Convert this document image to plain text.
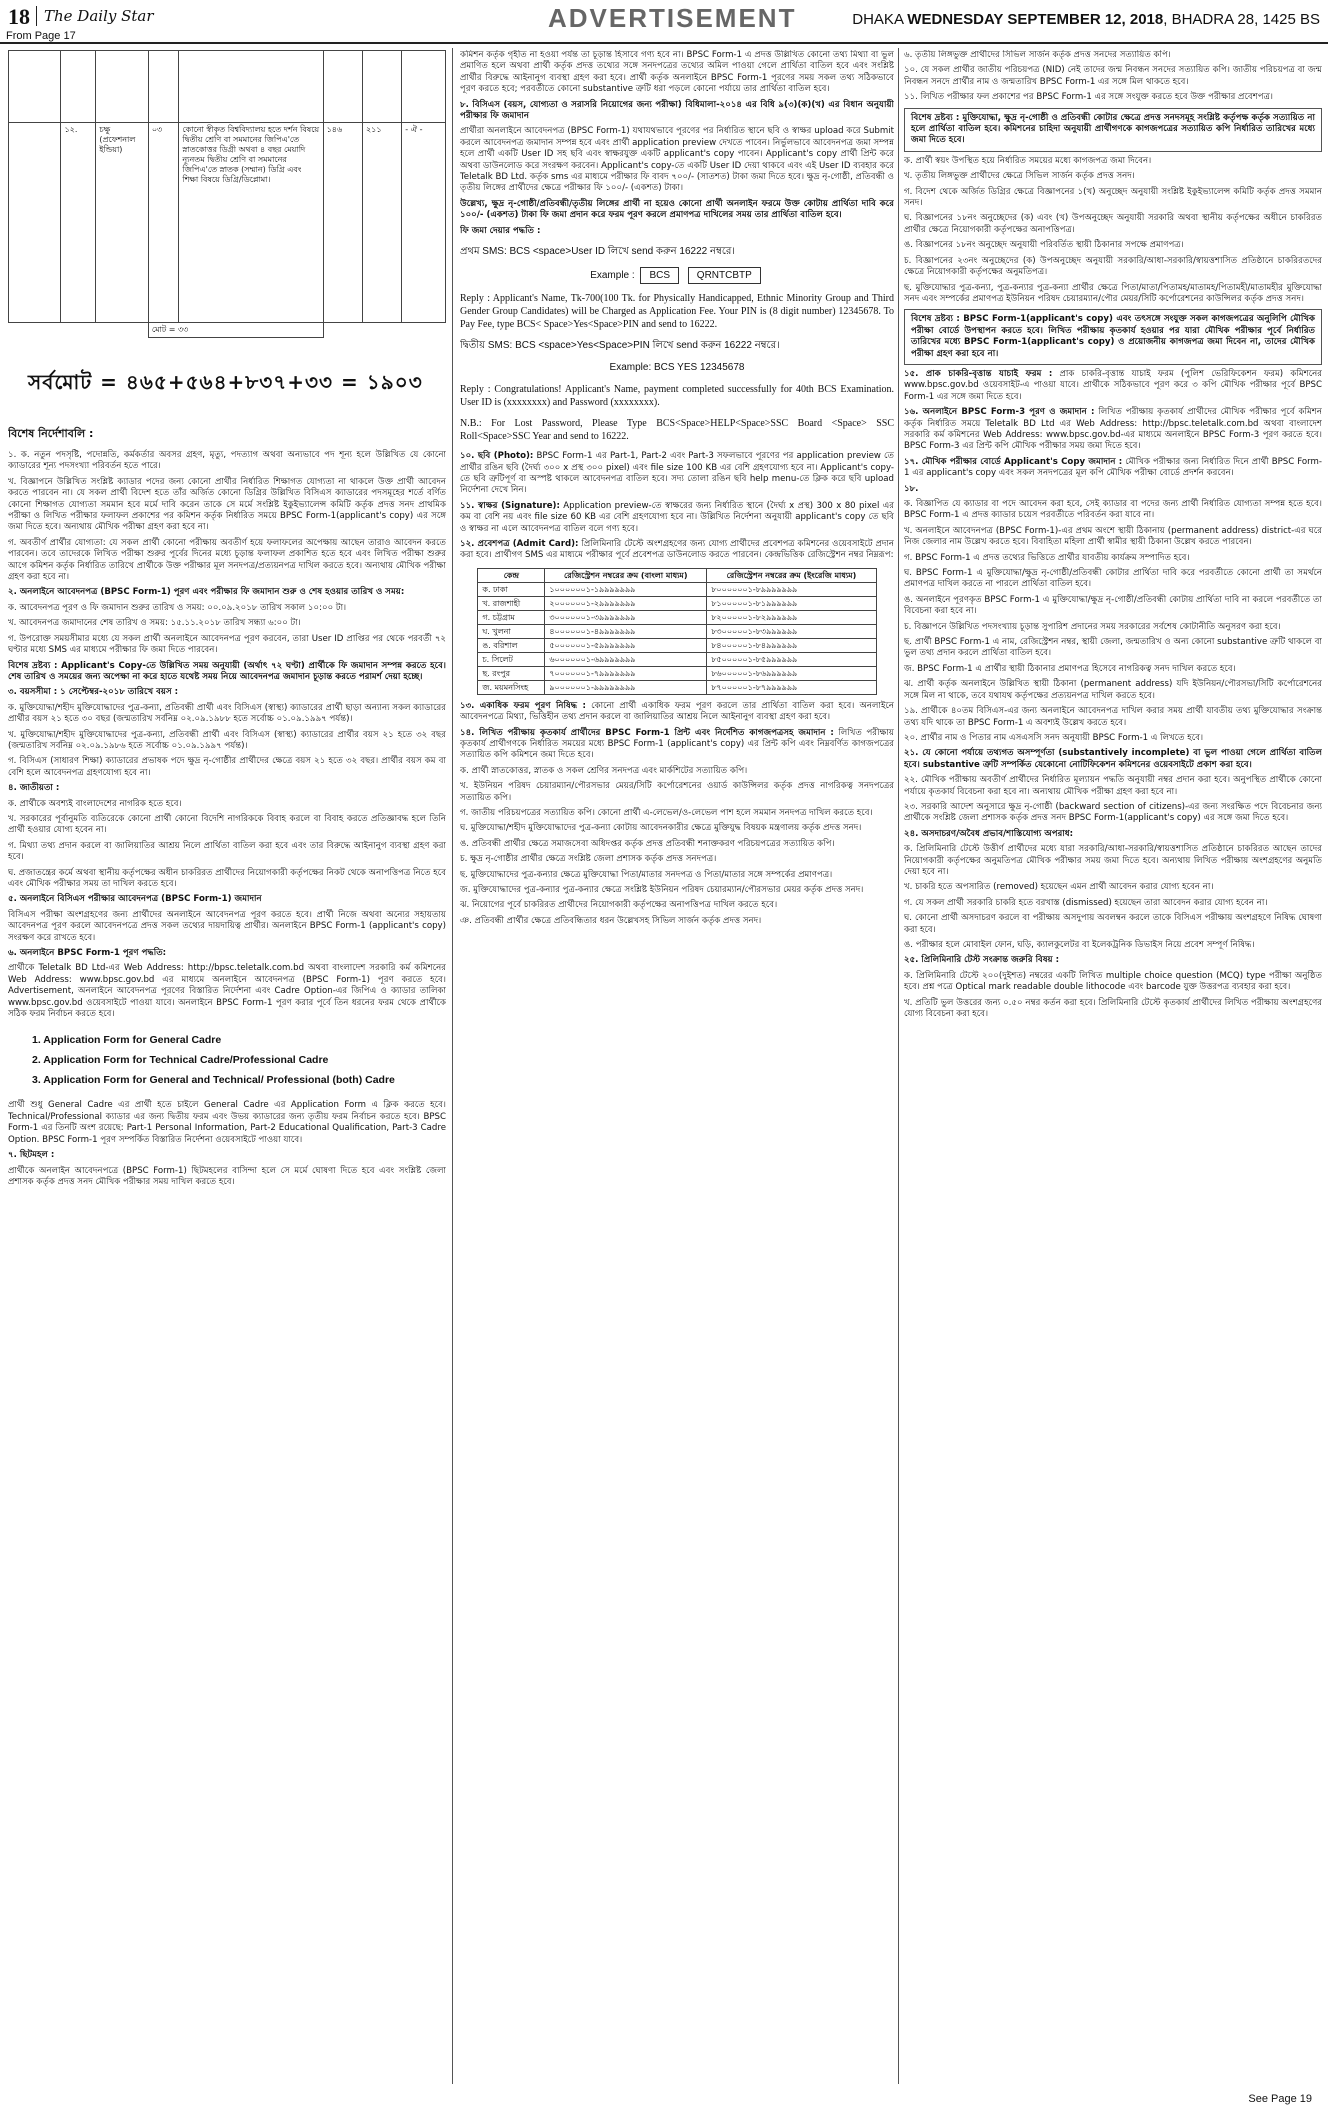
18 The Daily Star	ADVERTISEMENT	DHAKA WEDNESDAY SEPTEMBER 12, 2018, BHADRA 28, 1425 BS
From Page 17

	১২.	চক্ষু (প্রফেশনাল ইন্ডিয়া)	০৩	কোনো স্বীকৃত বিশ্ববিদ্যালয় হতে দর্শন বিষয়ে দ্বিতীয় শ্রেণি বা সমমানের জিপিএ'তে স্নাতকোত্তর ডিগ্রী অথবা ৪ বছর মেয়াদি ন্যূনতম দ্বিতীয় শ্রেণি বা সমমানের জিপিএ'তে স্নাতক (সম্মান) ডিগ্রি এবং শিক্ষা বিষয়ে ডিগ্রি/ডিপ্লোমা।	১৪৬	২১১	- ঐ -
			মোট = ৩৩				
সর্বমোট = ৪৬৫+৫৬৪+৮৩৭+৩৩ = ১৯০৩
বিশেষ নির্দেশাবলি :

১. ক. নতুন পদসৃষ্টি, পদোন্নতি, কর্মকর্তার অবসর গ্রহণ, মৃত্যু, পদত্যাগ অথবা অন্যভাবে পদ শূন্য হলে উল্লিখিত যে কোনো ক্যাডারের শূন্য পদসংখ্যা পরিবর্তন হতে পারে।

খ. বিজ্ঞাপনে উল্লিখিত সংশ্লিষ্ট ক্যাডার পদের জন্য কোনো প্রার্থীর নির্ধারিত শিক্ষাগত যোগ্যতা না থাকলে উক্ত প্রার্থী আবেদন করতে পারবেন না। যে সকল প্রার্থী বিদেশ হতে তাঁর অর্জিত কোনো ডিগ্রির উল্লিখিত বিসিএস ক্যাডারের পদসমূহের শর্তে বর্ণিত কোনো শিক্ষাগত যোগ্যতা সমমান হবে মর্মে দাবি করেন তাকে সে মর্মে সংশ্লিষ্ট ইকুইভ্যালেন্স কমিটি কর্তৃক প্রদত্ত সনদ প্রাথমিক পরীক্ষা ও লিখিত পরীক্ষার ফলাফল প্রকাশের পর কমিশন কর্তৃক নির্ধারিত সময়ে BPSC Form-1(applicant's copy) এর সঙ্গে জমা দিতে হবে। অন্যথায় মৌখিক পরীক্ষা গ্রহণ করা হবে না।

গ. অবতীর্ণ প্রার্থীর যোগ্যতা: যে সকল প্রার্থী কোনো পরীক্ষায় অবতীর্ণ হয়ে ফলাফলের অপেক্ষায় আছেন তারাও আবেদন করতে পারবেন। তবে তাদেরকে লিখিত পরীক্ষা শুরুর পূর্বের দিনের মধ্যে চূড়ান্ত ফলাফল প্রকাশিত হতে হবে এবং লিখিত পরীক্ষা শুরুর আগে কমিশন কর্তৃক নির্ধারিত তারিখে প্রার্থীকে উক্ত পরীক্ষার মূল সনদপত্র/প্রত্যয়নপত্র দাখিল করতে হবে। অন্যথায় মৌখিক পরীক্ষা গ্রহণ করা হবে না।

২. অনলাইনে আবেদনপত্র (BPSC Form-1) পূরণ এবং পরীক্ষার ফি জমাদান শুরু ও শেষ হওয়ার তারিখ ও সময়:

ক. আবেদনপত্র পূরণ ও ফি জমাদান শুরুর তারিখ ও সময়: ০০.০৯.২০১৮ তারিখ সকাল ১০:০০ টা।

খ. আবেদনপত্র জমাদানের শেষ তারিখ ও সময়: ১৫.১১.২০১৮ তারিখ সন্ধ্যা ৬:০০ টা।

গ. উপরোক্ত সময়সীমার মধ্যে যে সকল প্রার্থী অনলাইনে আবেদনপত্র পূরণ করবেন, তারা User ID প্রাপ্তির পর থেকে পরবর্তী ৭২ ঘণ্টার মধ্যে SMS এর মাধ্যমে পরীক্ষার ফি জমা দিতে পারবেন।

বিশেষ দ্রষ্টব্য : Applicant's Copy-তে উল্লিখিত সময় অনুযায়ী (অর্থাৎ ৭২ ঘণ্টা) প্রার্থীকে ফি জমাদান সম্পন্ন করতে হবে। শেষ তারিখ ও সময়ের জন্য অপেক্ষা না করে হাতে যথেষ্ট সময় নিয়ে আবেদনপত্র জমাদান চূড়ান্ত করতে পরামর্শ দেয়া হচ্ছে।

৩. বয়সসীমা : ১ সেপ্টেম্বর-২০১৮ তারিখে বয়স :

ক. মুক্তিযোদ্ধা/শহীদ মুক্তিযোদ্ধাদের পুত্র-কন্যা, প্রতিবন্ধী প্রার্থী এবং বিসিএস (স্বাস্থ্য) ক্যাডারের প্রার্থী ছাড়া অন্যান্য সকল ক্যাডারের প্রার্থীর বয়স ২১ হতে ৩০ বছর (জন্মতারিখ সর্বনিম্ন ০২.০৯.১৯৮৮ হতে সর্বোচ্চ ০১.০৯.১৯৯৭ পর্যন্ত)।

খ. মুক্তিযোদ্ধা/শহীদ মুক্তিযোদ্ধাদের পুত্র-কন্যা, প্রতিবন্ধী প্রার্থী এবং বিসিএস (স্বাস্থ্য) ক্যাডারের প্রার্থীর বয়স ২১ হতে ৩২ বছর (জন্মতারিখ সর্বনিম্ন ০২.০৯.১৯৮৬ হতে সর্বোচ্চ ০১.০৯.১৯৯৭ পর্যন্ত)।

গ. বিসিএস (সাধারণ শিক্ষা) ক্যাডারের প্রভাষক পদে ক্ষুদ্র নৃ-গোষ্ঠীর প্রার্থীদের ক্ষেত্রে বয়স ২১ হতে ৩২ বছর। প্রার্থীর বয়স কম বা বেশি হলে আবেদনপত্র গ্রহণযোগ্য হবে না।

৪. জাতীয়তা :

ক. প্রার্থীকে অবশ্যই বাংলাদেশের নাগরিক হতে হবে।

খ. সরকারের পূর্বানুমতি ব্যতিরেকে কোনো প্রার্থী কোনো বিদেশি নাগরিককে বিবাহ করলে বা বিবাহ করতে প্রতিজ্ঞাবদ্ধ হলে তিনি প্রার্থী হওয়ার যোগ্য হবেন না।

গ. মিথ্যা তথ্য প্রদান করলে বা জালিয়াতির আশ্রয় নিলে প্রার্থিতা বাতিল করা হবে এবং তার বিরুদ্ধে আইনানুগ ব্যবস্থা গ্রহণ করা হবে।

ঘ. প্রজাতন্ত্রের কর্মে অথবা স্থানীয় কর্তৃপক্ষের অধীন চাকরিরত প্রার্থীদের নিয়োগকারী কর্তৃপক্ষের নিকট থেকে অনাপত্তিপত্র নিতে হবে এবং মৌখিক পরীক্ষার সময় তা দাখিল করতে হবে।

৫. অনলাইনে বিসিএস পরীক্ষার আবেদনপত্র (BPSC Form-1) জমাদান

বিসিএস পরীক্ষা অংশগ্রহণের জন্য প্রার্থীদের অনলাইনে আবেদনপত্র পূরণ করতে হবে। প্রার্থী নিজে অথবা অন্যের সহায়তায় আবেদনপত্র পূরণ করলে আবেদনপত্রে প্রদত্ত সকল তথ্যের দায়দায়িত্ব প্রার্থীর। অনলাইনে BPSC Form-1 (applicant's copy) সংরক্ষণ করে রাখতে হবে।

৬. অনলাইনে BPSC Form-1 পূরণ পদ্ধতি:

প্রার্থীকে Teletalk BD Ltd-এর Web Address: http://bpsc.teletalk.com.bd অথবা বাংলাদেশ সরকারি কর্ম কমিশনের Web Address: www.bpsc.gov.bd এর মাধ্যমে অনলাইনে আবেদনপত্র (BPSC Form-1) পূরণ করতে হবে। Advertisement, অনলাইনে আবেদনপত্র পূরণের বিস্তারিত নির্দেশনা এবং Cadre Option-এর জিপিএ ও ক্যাডার তালিকা www.bpsc.gov.bd ওয়েবসাইটে পাওয়া যাবে। অনলাইনে BPSC Form-1 পূরণ করার পূর্বে তিন ধরনের ফরম থেকে প্রার্থীকে সঠিক ফরম নির্বাচন করতে হবে।

1. Application Form for General Cadre
2. Application Form for Technical Cadre/Professional Cadre
3. Application Form for General and Technical/ Professional (both) Cadre

প্রার্থী শুধু General Cadre এর প্রার্থী হতে চাইলে General Cadre এর Application Form এ ক্লিক করতে হবে। Technical/Professional ক্যাডার এর জন্য দ্বিতীয় ফরম এবং উভয় ক্যাডারের জন্য তৃতীয় ফরম নির্বাচন করতে হবে। BPSC Form-1 এর তিনটি অংশ রয়েছে: Part-1 Personal Information, Part-2 Educational Qualification, Part-3 Cadre Option. BPSC Form-1 পূরণ সম্পর্কিত বিস্তারিত নির্দেশনা ওয়েবসাইটে পাওয়া যাবে।

৭. ছিটমহল :

প্রার্থীকে অনলাইন আবেদনপত্রে (BPSC Form-1) ছিটমহলের বাসিন্দা হলে সে মর্মে ঘোষণা দিতে হবে এবং সংশ্লিষ্ট জেলা প্রশাসক কর্তৃক প্রদত্ত সনদ মৌখিক পরীক্ষার সময় দাখিল করতে হবে।

কমিশন কর্তৃক গৃহীত না হওয়া পর্যন্ত তা চূড়ান্ত হিসাবে গণ্য হবে না। BPSC Form-1 এ প্রদত্ত উল্লিখিত কোনো তথ্য মিথ্যা বা ভুল প্রমাণিত হলে অথবা প্রার্থী কর্তৃক প্রদত্ত তথ্যের সঙ্গে সনদপত্রের তথ্যের অমিল পাওয়া গেলে প্রার্থিতা বাতিল হবে এবং সংশ্লিষ্ট প্রার্থীর বিরুদ্ধে আইনানুগ ব্যবস্থা গ্রহণ করা হবে। প্রার্থী কর্তৃক অনলাইনে BPSC Form-1 পূরণের সময় সকল তথ্য সঠিকভাবে পূরণ করতে হবে; পরবর্তীতে কোনো substantive ত্রুটি ধরা পড়লে কোনো পর্যায়ে তার প্রার্থিতা বাতিল হবে।

৮. বিসিএস (বয়স, যোগ্যতা ও সরাসরি নিয়োগের জন্য পরীক্ষা) বিধিমালা-২০১৪ এর বিধি ৯(৩)(ক)(খ) এর বিধান অনুযায়ী পরীক্ষার ফি জমাদান

প্রার্থীরা অনলাইনে আবেদনপত্র (BPSC Form-1) যথাযথভাবে পূরণের পর নির্ধারিত স্থানে ছবি ও স্বাক্ষর upload করে Submit করলে আবেদনপত্র জমাদান সম্পন্ন হবে এবং প্রার্থী application preview দেখতে পাবেন। নির্ভুলভাবে আবেদনপত্র জমা সম্পন্ন হলে প্রার্থী একটি User ID সহ ছবি এবং স্বাক্ষরযুক্ত একটি applicant's copy পাবেন। Applicant's copy প্রার্থী প্রিন্ট করে অথবা ডাউনলোড করে সংরক্ষণ করবেন। Applicant's copy-তে একটি User ID দেয়া থাকবে এবং এই User ID ব্যবহার করে Teletalk BD Ltd. কর্তৃক sms এর মাধ্যমে পরীক্ষার ফি বাবদ ৭০০/- (সাতশত) টাকা জমা দিতে হবে। ক্ষুদ্র নৃ-গোষ্ঠী, প্রতিবন্ধী ও তৃতীয় লিঙ্গের প্রার্থীদের ক্ষেত্রে পরীক্ষার ফি ১০০/- (একশত) টাকা।

উল্লেখ্য, ক্ষুদ্র নৃ-গোষ্ঠী/প্রতিবন্ধী/তৃতীয় লিঙ্গের প্রার্থী না হয়েও কোনো প্রার্থী অনলাইন ফরমে উক্ত কোটায় প্রার্থিতা দাবি করে ১০০/- (একশত) টাকা ফি জমা প্রদান করে ফরম পূরণ করলে প্রমাণপত্র দাখিলের সময় তার প্রার্থিতা বাতিল হবে।

ফি জমা দেয়ার পদ্ধতি :

প্রথম SMS: BCS <space>User ID লিখে send করুন 16222 নম্বরে।
Example : BCS	QRNTCBTP
Reply : Applicant's Name, Tk-700(100 Tk. for Physically Handicapped, Ethnic Minority Group and Third Gender Group Candidates) will be Charged as Application Fee. Your PIN is (8 digit number) 12345678. To Pay Fee, type BCS< Space>Yes<Space>PIN and send to 16222.
দ্বিতীয় SMS: BCS <space>Yes<Space>PIN লিখে send করুন 16222 নম্বরে।
Example: BCS YES 12345678
Reply : Congratulations! Applicant's Name, payment completed successfully for 40th BCS Examination. User ID is (xxxxxxxx) and Password (xxxxxxxx).
N.B.: For Lost Password, Please Type BCS<Space>HELP<Space>SSC Board <Space> SSC Roll<Space>SSC Year and send to 16222.

১০. ছবি (Photo): BPSC Form-1 এর Part-1, Part-2 এবং Part-3 সফলভাবে পূরণের পর application preview তে প্রার্থীর রঙিন ছবি (দৈর্ঘ্য ৩০০ x প্রস্থ ৩০০ pixel) এবং file size 100 KB এর বেশি গ্রহণযোগ্য হবে না। Applicant's copy-তে ছবি ত্রুটিপূর্ণ বা অস্পষ্ট থাকলে আবেদনপত্র বাতিল হবে। সদ্য তোলা রঙিন ছবি help menu-তে ক্লিক করে ছবি upload নির্দেশনা দেখে নিন।

১১. স্বাক্ষর (Signature): Application preview-তে স্বাক্ষরের জন্য নির্ধারিত স্থানে (দৈর্ঘ্য x প্রস্থ) 300 x 80 pixel এর কম বা বেশি নয় এবং file size 60 KB এর বেশি গ্রহণযোগ্য হবে না। উল্লিখিত নির্দেশনা অনুযায়ী applicant's copy তে ছবি ও স্বাক্ষর না এলে আবেদনপত্র বাতিল বলে গণ্য হবে।

১২. প্রবেশপত্র (Admit Card): প্রিলিমিনারি টেস্টে অংশগ্রহণের জন্য যোগ্য প্রার্থীদের প্রবেশপত্র কমিশনের ওয়েবসাইটে প্রদান করা হবে। প্রার্থীগণ SMS এর মাধ্যমে পরীক্ষার পূর্বে প্রবেশপত্র ডাউনলোড করতে পারবেন। কেন্দ্রভিত্তিক রেজিস্ট্রেশন নম্বর নিম্নরূপ:

কেন্দ্র	রেজিস্ট্রেশন নম্বরের ক্রম (বাংলা মাধ্যম)	রেজিস্ট্রেশন নম্বরের ক্রম (ইংরেজি মাধ্যম)
ক. ঢাকা	১০০০০০০১-১৯৯৯৯৯৯৯	৮০০০০০০১-৮৯৯৯৯৯৯৯
খ. রাজশাহী	২০০০০০০১-২৯৯৯৯৯৯৯	৮১০০০০০১-৮১৯৯৯৯৯৯
গ. চট্টগ্রাম	৩০০০০০০১-৩৯৯৯৯৯৯৯	৮২০০০০০১-৮২৯৯৯৯৯৯
ঘ. খুলনা	৪০০০০০০১-৪৯৯৯৯৯৯৯	৮৩০০০০০১-৮৩৯৯৯৯৯৯
ঙ. বরিশাল	৫০০০০০০১-৫৯৯৯৯৯৯৯	৮৪০০০০০১-৮৪৯৯৯৯৯৯
চ. সিলেট	৬০০০০০০১-৬৯৯৯৯৯৯৯	৮৫০০০০০১-৮৫৯৯৯৯৯৯
ছ. রংপুর	৭০০০০০০১-৭৯৯৯৯৯৯৯	৮৬০০০০০১-৮৬৯৯৯৯৯৯
জ. ময়মনসিংহ	৯০০০০০০১-৯৯৯৯৯৯৯৯	৮৭০০০০০১-৮৭৯৯৯৯৯৯

১৩. একাধিক ফরম পূরণ নিষিদ্ধ : কোনো প্রার্থী একাধিক ফরম পূরণ করলে তার প্রার্থিতা বাতিল করা হবে। অনলাইনে আবেদনপত্রে মিথ্যা, ভিত্তিহীন তথ্য প্রদান করলে বা জালিয়াতির আশ্রয় নিলে আইনানুগ ব্যবস্থা গ্রহণ করা হবে।

১৪. লিখিত পরীক্ষায় কৃতকার্য প্রার্থীদের BPSC Form-1 প্রিন্ট এবং নির্দেশিত কাগজপত্রসহ জমাদান : লিখিত পরীক্ষায় কৃতকার্য প্রার্থীগণকে নির্ধারিত সময়ের মধ্যে BPSC Form-1 (applicant's copy) এর প্রিন্ট কপি এবং নিম্নবর্ণিত কাগজপত্রের সত্যায়িত কপি কমিশনে জমা দিতে হবে।

ক. প্রার্থী স্নাতকোত্তর, স্নাতক ও সকল শ্রেণির সনদপত্র এবং মার্কশিটের সত্যায়িত কপি।

খ. ইউনিয়ন পরিষদ চেয়ারম্যান/পৌরসভার মেয়র/সিটি কর্পোরেশনের ওয়ার্ড কাউন্সিলর কর্তৃক প্রদত্ত নাগরিকত্ব সনদপত্রের সত্যায়িত কপি।

গ. জাতীয় পরিচয়পত্রের সত্যায়িত কপি। কোনো প্রার্থী এ-লেভেল/ও-লেভেল পাশ হলে সমমান সনদপত্র দাখিল করতে হবে।

ঘ. মুক্তিযোদ্ধা/শহীদ মুক্তিযোদ্ধাদের পুত্র-কন্যা কোটায় আবেদনকারীর ক্ষেত্রে মুক্তিযুদ্ধ বিষয়ক মন্ত্রণালয় কর্তৃক প্রদত্ত সনদ।

ঙ. প্রতিবন্ধী প্রার্থীর ক্ষেত্রে সমাজসেবা অধিদপ্তর কর্তৃক প্রদত্ত প্রতিবন্ধী শনাক্তকরণ পরিচয়পত্রের সত্যায়িত কপি।

চ. ক্ষুদ্র নৃ-গোষ্ঠীর প্রার্থীর ক্ষেত্রে সংশ্লিষ্ট জেলা প্রশাসক কর্তৃক প্রদত্ত সনদপত্র।

ছ. মুক্তিযোদ্ধাদের পুত্র-কন্যার ক্ষেত্রে মুক্তিযোদ্ধা পিতা/মাতার সনদপত্র ও পিতা/মাতার সঙ্গে সম্পর্কের প্রমাণপত্র।

জ. মুক্তিযোদ্ধাদের পুত্র-কন্যার পুত্র-কন্যার ক্ষেত্রে সংশ্লিষ্ট ইউনিয়ন পরিষদ চেয়ারম্যান/পৌরসভার মেয়র কর্তৃক প্রদত্ত সনদ।

ঝ. নিয়োগের পূর্বে চাকরিরত প্রার্থীদের নিয়োগকারী কর্তৃপক্ষের অনাপত্তিপত্র দাখিল করতে হবে।

ঞ. প্রতিবন্ধী প্রার্থীর ক্ষেত্রে প্রতিবন্ধিতার ধরন উল্লেখসহ সিভিল সার্জন কর্তৃক প্রদত্ত সনদ।

৬. তৃতীয় লিঙ্গভুক্ত প্রার্থীদের সিভিল সার্জন কর্তৃক প্রদত্ত সনদের সত্যায়িত কপি।

১০. যে সকল প্রার্থীর জাতীয় পরিচয়পত্র (NID) নেই তাদের জন্ম নিবন্ধন সনদের সত্যায়িত কপি। জাতীয় পরিচয়পত্র বা জন্ম নিবন্ধন সনদে প্রার্থীর নাম ও জন্মতারিখ BPSC Form-1 এর সঙ্গে মিল থাকতে হবে।

১১. লিখিত পরীক্ষার ফল প্রকাশের পর BPSC Form-1 এর সঙ্গে সংযুক্ত করতে হবে উক্ত পরীক্ষার প্রবেশপত্র।

বিশেষ দ্রষ্টব্য : মুক্তিযোদ্ধা, ক্ষুদ্র নৃ-গোষ্ঠী ও প্রতিবন্ধী কোটার ক্ষেত্রে প্রদত্ত সনদসমূহ সংশ্লিষ্ট কর্তৃপক্ষ কর্তৃক সত্যায়িত না হলে প্রার্থিতা বাতিল হবে। কমিশনের চাহিদা অনুযায়ী প্রার্থীগণকে কাগজপত্রের সত্যায়িত কপি নির্ধারিত তারিখের মধ্যে জমা দিতে হবে।

ক. প্রার্থী স্বয়ং উপস্থিত হয়ে নির্ধারিত সময়ের মধ্যে কাগজপত্র জমা দিবেন।

খ. তৃতীয় লিঙ্গভুক্ত প্রার্থীদের ক্ষেত্রে সিভিল সার্জন কর্তৃক প্রদত্ত সনদ।

গ. বিদেশ থেকে অর্জিত ডিগ্রির ক্ষেত্রে বিজ্ঞাপনের ১(খ) অনুচ্ছেদ অনুযায়ী সংশ্লিষ্ট ইকুইভ্যালেন্স কমিটি কর্তৃক প্রদত্ত সমমান সনদ।

ঘ. বিজ্ঞাপনের ১৮নং অনুচ্ছেদের (ক) এবং (খ) উপঅনুচ্ছেদ অনুযায়ী সরকারি অথবা স্থানীয় কর্তৃপক্ষের অধীনে চাকরিরত প্রার্থীর ক্ষেত্রে নিয়োগকারী কর্তৃপক্ষের অনাপত্তিপত্র।

ঙ. বিজ্ঞাপনের ১৮নং অনুচ্ছেদ অনুযায়ী পরিবর্তিত স্থায়ী ঠিকানার সপক্ষে প্রমাণপত্র।

চ. বিজ্ঞাপনের ২৩নং অনুচ্ছেদের (ক) উপঅনুচ্ছেদ অনুযায়ী সরকারি/আধা-সরকারি/স্বায়ত্তশাসিত প্রতিষ্ঠানে চাকরিরতদের ক্ষেত্রে নিয়োগকারী কর্তৃপক্ষের অনুমতিপত্র।

ছ. মুক্তিযোদ্ধার পুত্র-কন্যা, পুত্র-কন্যার পুত্র-কন্যা প্রার্থীর ক্ষেত্রে পিতা/মাতা/পিতামহ/মাতামহ/পিতামহী/মাতামহীর মুক্তিযোদ্ধা সনদ এবং সম্পর্কের প্রমাণপত্র ইউনিয়ন পরিষদ চেয়ারম্যান/পৌর মেয়র/সিটি কর্পোরেশনের কাউন্সিলর কর্তৃক প্রদত্ত সনদ।

বিশেষ দ্রষ্টব্য : BPSC Form-1(applicant's copy) এবং তৎসঙ্গে সংযুক্ত সকল কাগজপত্রের অনুলিপি মৌখিক পরীক্ষা বোর্ডে উপস্থাপন করতে হবে। লিখিত পরীক্ষায় কৃতকার্য হওয়ার পর যারা মৌখিক পরীক্ষার পূর্বে নির্ধারিত তারিখের মধ্যে BPSC Form-1(applicant's copy) ও প্রয়োজনীয় কাগজপত্র জমা দিবেন না, তাদের মৌখিক পরীক্ষা গ্রহণ করা হবে না।

১৫. প্রাক চাকরি-বৃত্তান্ত যাচাই ফরম : প্রাক চাকরি-বৃত্তান্ত যাচাই ফরম (পুলিশ ভেরিফিকেশন ফরম) কমিশনের www.bpsc.gov.bd ওয়েবসাইট-এ পাওয়া যাবে। প্রার্থীকে সঠিকভাবে পূরণ করে ৩ কপি মৌখিক পরীক্ষার পূর্বে BPSC Form-1 এর সঙ্গে জমা দিতে হবে।

১৬. অনলাইনে BPSC Form-3 পূরণ ও জমাদান : লিখিত পরীক্ষায় কৃতকার্য প্রার্থীদের মৌখিক পরীক্ষার পূর্বে কমিশন কর্তৃক নির্ধারিত সময়ে Teletalk BD Ltd এর Web Address: http://bpsc.teletalk.com.bd অথবা বাংলাদেশ সরকারি কর্ম কমিশনের Web Address: www.bpsc.gov.bd-এর মাধ্যমে অনলাইনে BPSC Form-3 পূরণ করতে হবে। BPSC Form-3 এর প্রিন্ট কপি মৌখিক পরীক্ষার সময় জমা দিতে হবে।

১৭. মৌখিক পরীক্ষার বোর্ডে Applicant's Copy জমাদান : মৌখিক পরীক্ষার জন্য নির্ধারিত দিনে প্রার্থী BPSC Form-1 এর applicant's copy এবং সকল সনদপত্রের মূল কপি মৌখিক পরীক্ষা বোর্ডে প্রদর্শন করবেন।

১৮.

ক. বিজ্ঞাপিত যে ক্যাডার বা পদে আবেদন করা হবে, সেই ক্যাডার বা পদের জন্য প্রার্থী নির্ধারিত যোগ্যতা সম্পন্ন হতে হবে। BPSC Form-1 এ প্রদত্ত ক্যাডার চয়েস পরবর্তীতে পরিবর্তন করা যাবে না।

খ. অনলাইনে আবেদনপত্র (BPSC Form-1)-এর প্রথম অংশে স্থায়ী ঠিকানায় (permanent address) district-এর ঘরে নিজ জেলার নাম উল্লেখ করতে হবে। বিবাহিতা মহিলা প্রার্থী স্বামীর স্থায়ী ঠিকানা উল্লেখ করতে পারবেন।

গ. BPSC Form-1 এ প্রদত্ত তথ্যের ভিত্তিতে প্রার্থীর যাবতীয় কার্যক্রম সম্পাদিত হবে।

ঘ. BPSC Form-1 এ মুক্তিযোদ্ধা/ক্ষুদ্র নৃ-গোষ্ঠী/প্রতিবন্ধী কোটার প্রার্থিতা দাবি করে পরবর্তীতে কোনো প্রার্থী তা সমর্থনে প্রমাণপত্র দাখিল করতে না পারলে প্রার্থিতা বাতিল হবে।

ঙ. অনলাইনে পূরণকৃত BPSC Form-1 এ মুক্তিযোদ্ধা/ক্ষুদ্র নৃ-গোষ্ঠী/প্রতিবন্ধী কোটায় প্রার্থিতা দাবি না করলে পরবর্তীতে তা বিবেচনা করা হবে না।

চ. বিজ্ঞাপনে উল্লিখিত পদসংখ্যায় চূড়ান্ত সুপারিশ প্রদানের সময় সরকারের সর্বশেষ কোটানীতি অনুসরণ করা হবে।

ছ. প্রার্থী BPSC Form-1 এ নাম, রেজিস্ট্রেশন নম্বর, স্থায়ী জেলা, জন্মতারিখ ও অন্য কোনো substantive ত্রুটি থাকলে বা ভুল তথ্য প্রদান করলে প্রার্থিতা বাতিল হবে।

জ. BPSC Form-1 এ প্রার্থীর স্থায়ী ঠিকানার প্রমাণপত্র হিসেবে নাগরিকত্ব সনদ দাখিল করতে হবে।

ঝ. প্রার্থী কর্তৃক অনলাইনে উল্লিখিত স্থায়ী ঠিকানা (permanent address) যদি ইউনিয়ন/পৌরসভা/সিটি কর্পোরেশনের সঙ্গে মিল না থাকে, তবে যথাযথ কর্তৃপক্ষের প্রত্যয়নপত্র দাখিল করতে হবে।

১৯. প্রার্থীকে ৪০তম বিসিএস-এর জন্য অনলাইনে আবেদনপত্র দাখিল করার সময় প্রার্থী যাবতীয় তথ্য মুক্তিযোদ্ধার সংক্রান্ত তথ্য যদি থাকে তা BPSC Form-1 এ অবশ্যই উল্লেখ করতে হবে।

২০. প্রার্থীর নাম ও পিতার নাম এসএসসি সনদ অনুযায়ী BPSC Form-1 এ লিখতে হবে।

২১. যে কোনো পর্যায়ে তথ্যগত অসম্পূর্ণতা (substantively incomplete) বা ভুল পাওয়া গেলে প্রার্থিতা বাতিল হবে। substantive ত্রুটি সম্পর্কিত যেকোনো নোটিফিকেশন কমিশনের ওয়েবসাইটে প্রকাশ করা হবে।

২২. মৌখিক পরীক্ষায় অবতীর্ণ প্রার্থীদের নির্ধারিত মূল্যায়ন পদ্ধতি অনুযায়ী নম্বর প্রদান করা হবে। অনুপস্থিত প্রার্থীকে কোনো পর্যায়ে কৃতকার্য বিবেচনা করা হবে না। অন্যথায় মৌখিক পরীক্ষা গ্রহণ করা হবে না।

২৩. সরকারি আদেশ অনুসারে ক্ষুদ্র নৃ-গোষ্ঠী (backward section of citizens)-এর জন্য সংরক্ষিত পদে বিবেচনার জন্য প্রার্থীকে সংশ্লিষ্ট জেলা প্রশাসক কর্তৃক প্রদত্ত সনদ BPSC Form-1(applicant's copy) এর সঙ্গে জমা দিতে হবে।

২৪. অসদাচরণ/অবৈধ প্রভাব/শাস্তিযোগ্য অপরাধ:

ক. প্রিলিমিনারি টেস্টে উত্তীর্ণ প্রার্থীদের মধ্যে যারা সরকারি/আধা-সরকারি/স্বায়ত্তশাসিত প্রতিষ্ঠানে চাকরিরত আছেন তাদের নিয়োগকারী কর্তৃপক্ষের অনুমতিপত্র মৌখিক পরীক্ষার সময় জমা দিতে হবে। অন্যথায় লিখিত পরীক্ষায় অংশগ্রহণের অনুমতি দেয়া হবে না।

খ. চাকরি হতে অপসারিত (removed) হয়েছেন এমন প্রার্থী আবেদন করার যোগ্য হবেন না।

গ. যে সকল প্রার্থী সরকারি চাকরি হতে বরখাস্ত (dismissed) হয়েছেন তারা আবেদন করার যোগ্য হবেন না।

ঘ. কোনো প্রার্থী অসদাচরণ করলে বা পরীক্ষায় অসদুপায় অবলম্বন করলে তাকে বিসিএস পরীক্ষায় অংশগ্রহণে নিষিদ্ধ ঘোষণা করা হবে।

ঙ. পরীক্ষার হলে মোবাইল ফোন, ঘড়ি, ক্যালকুলেটর বা ইলেকট্রনিক ডিভাইস নিয়ে প্রবেশ সম্পূর্ণ নিষিদ্ধ।

২৫. প্রিলিমিনারি টেস্ট সংক্রান্ত জরুরি বিষয় :

ক. প্রিলিমিনারি টেস্টে ২০০(দুইশত) নম্বরের একটি লিখিত multiple choice question (MCQ) type পরীক্ষা অনুষ্ঠিত হবে। প্রশ্ন পত্রে Optical mark readable double lithocode এবং barcode যুক্ত উত্তরপত্র ব্যবহার করা হবে।

খ. প্রতিটি ভুল উত্তরের জন্য ০.৫০ নম্বর কর্তন করা হবে। প্রিলিমিনারি টেস্টে কৃতকার্য প্রার্থীদের লিখিত পরীক্ষায় অংশগ্রহণের যোগ্য বিবেচনা করা হবে।

See Page 19
